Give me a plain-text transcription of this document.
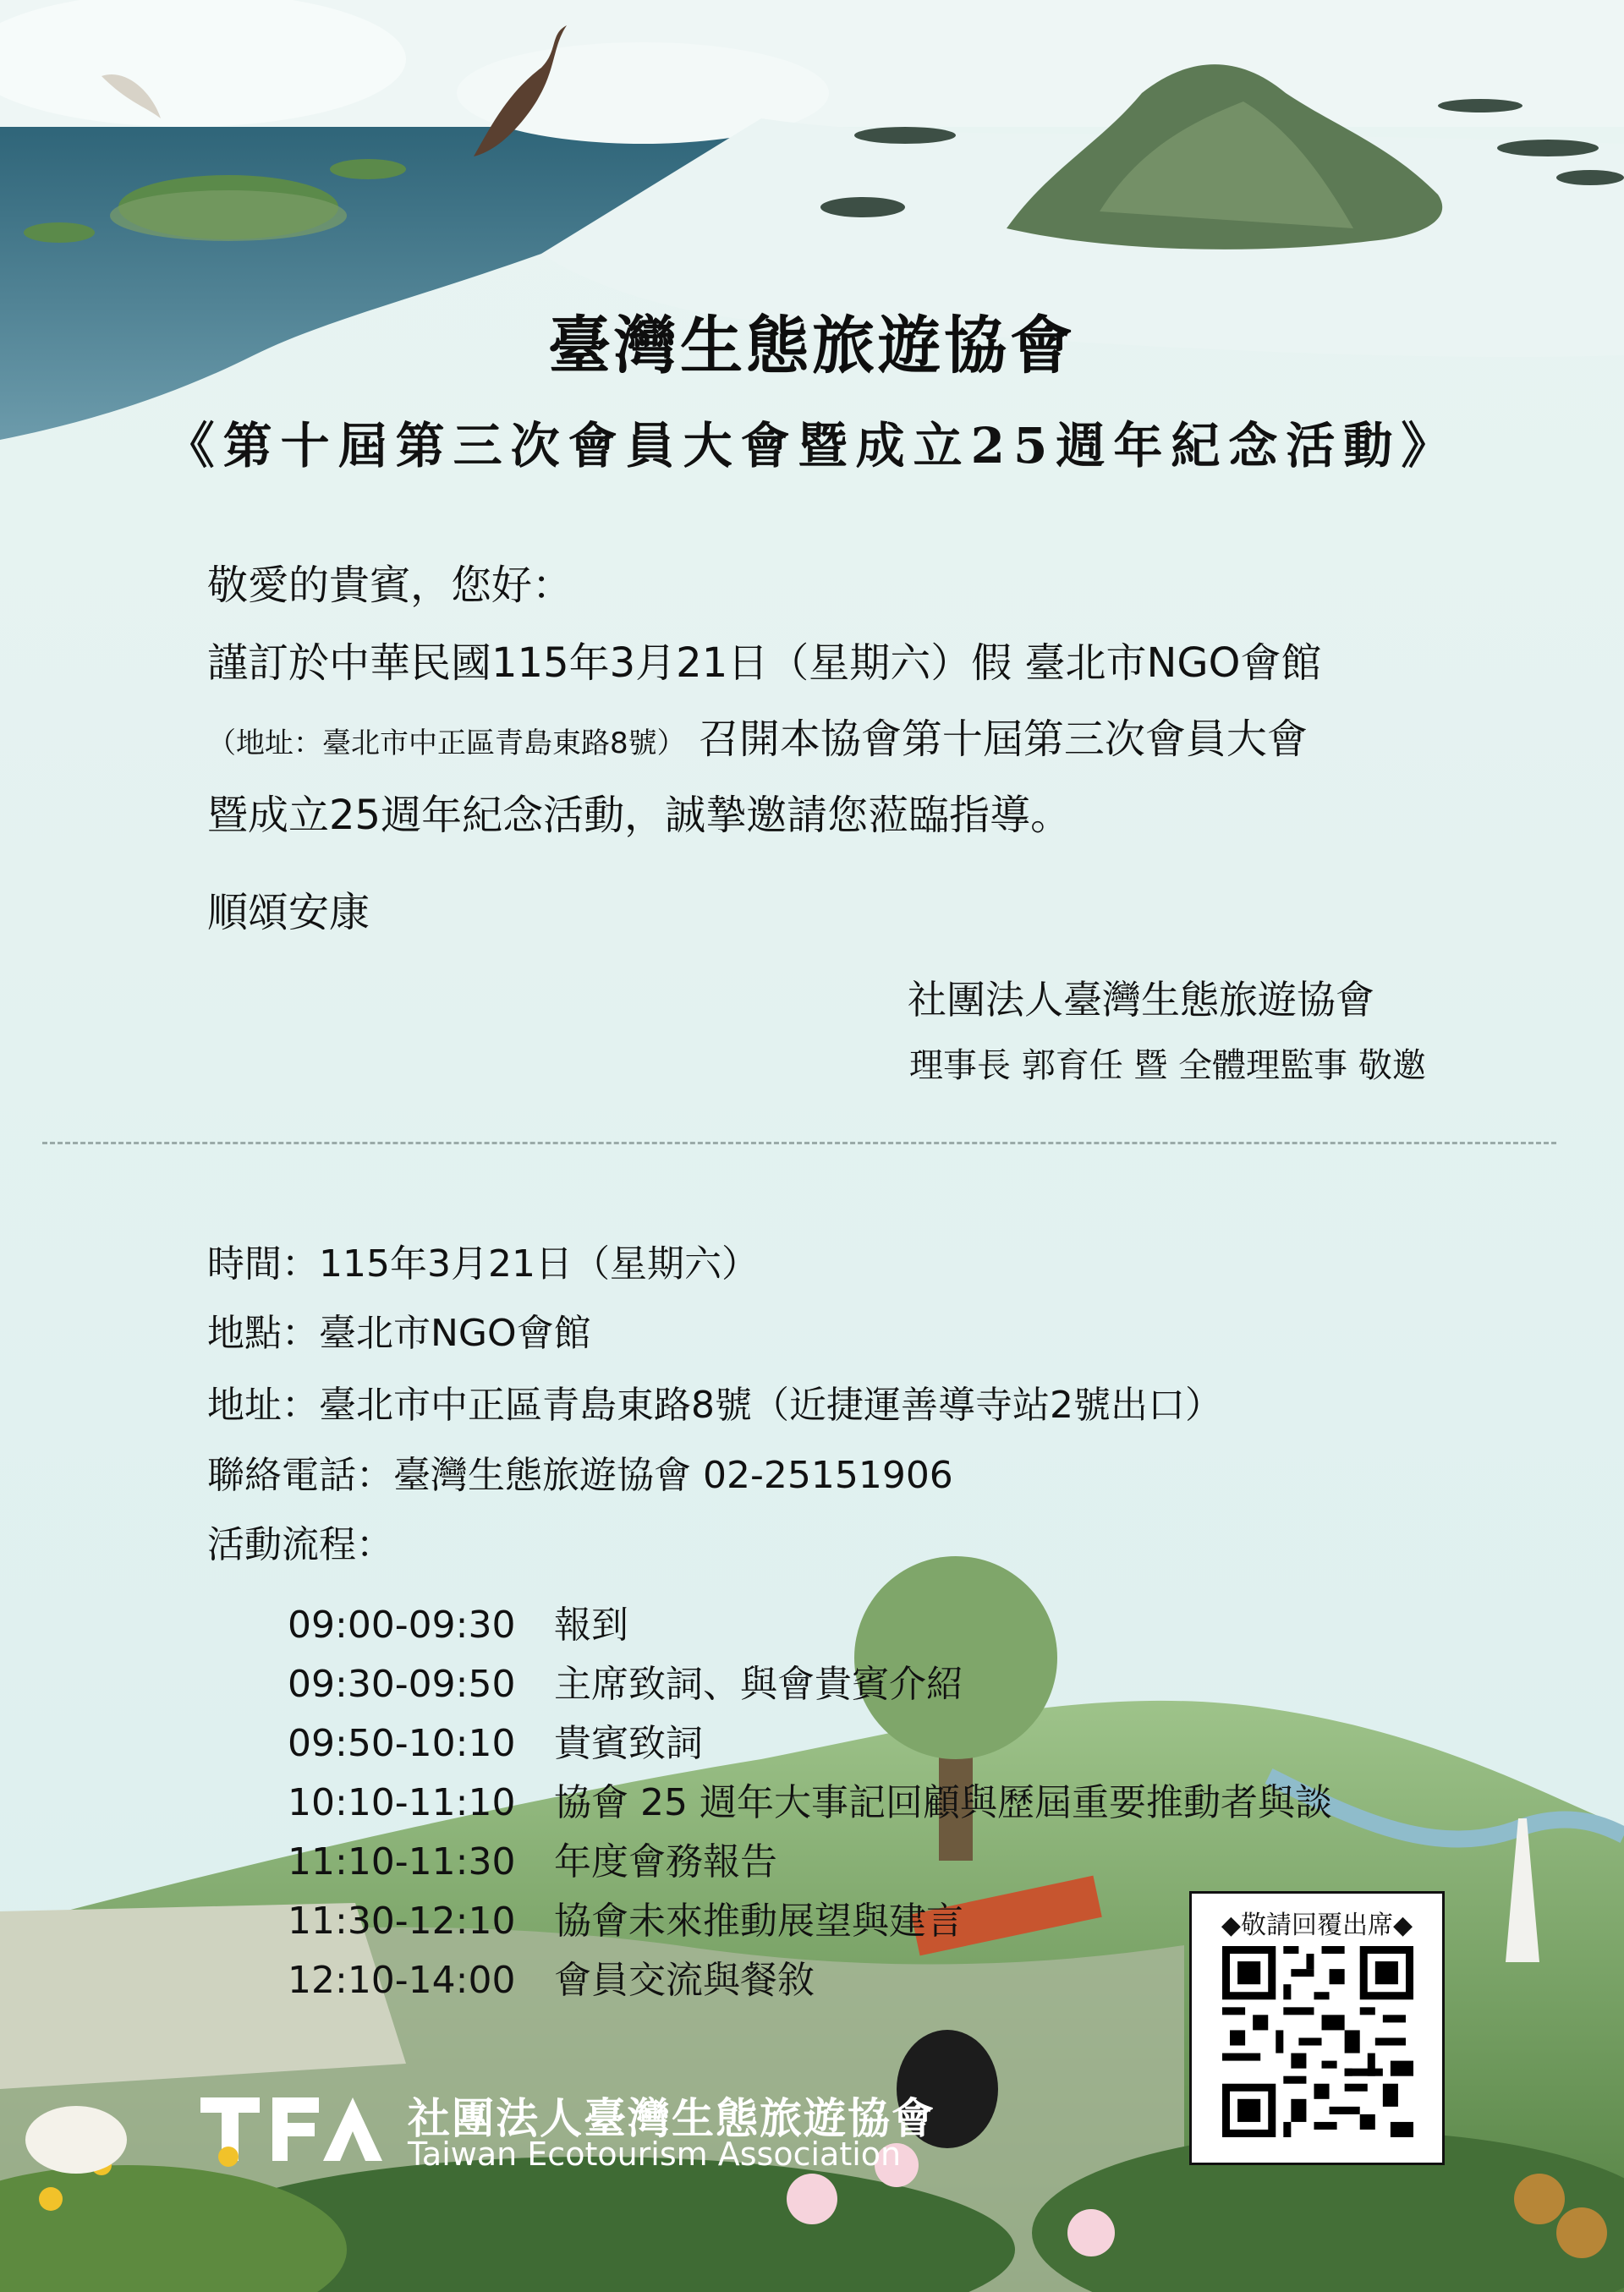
臺灣生態旅遊協會
《第十屆第三次會員大會暨成立25週年紀念活動》
敬愛的貴賓，您好：
謹訂於中華民國115年3月21日（星期六）假 臺北市NGO會館
（地址：臺北市中正區青島東路8號） 召開本協會第十屆第三次會員大會
暨成立25週年紀念活動，誠摯邀請您蒞臨指導。
順頌安康
社團法人臺灣生態旅遊協會
理事長 郭育任 暨 全體理監事 敬邀
時間：115年3月21日（星期六）
地點：臺北市NGO會館
地址：臺北市中正區青島東路8號（近捷運善導寺站2號出口）
聯絡電話：臺灣生態旅遊協會 02-25151906
活動流程：
09:00-09:30 報到
09:30-09:50 主席致詞、與會貴賓介紹
09:50-10:10 貴賓致詞
10:10-11:10 協會 25 週年大事記回顧與歷屆重要推動者與談
11:10-11:30 年度會務報告
11:30-12:10 協會未來推動展望與建言
12:10-14:00 會員交流與餐敘
◆敬請回覆出席◆
社團法人臺灣生態旅遊協會
Taiwan Ecotourism Association
